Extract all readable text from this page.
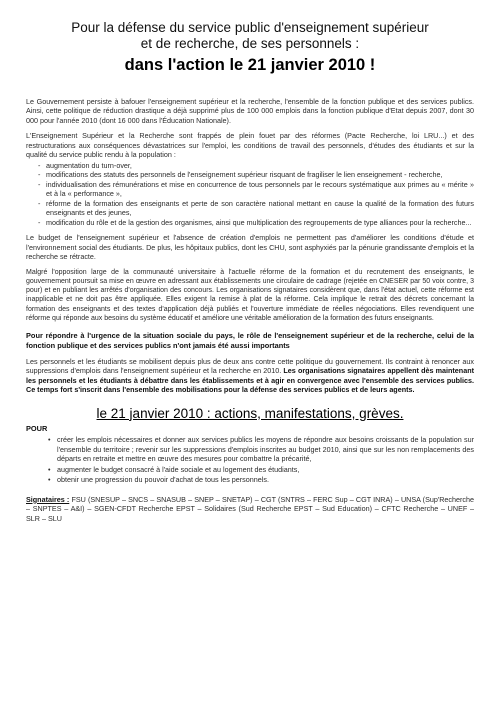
Pour la défense du service public d'enseignement supérieur
et de recherche, de ses personnels :
dans l'action le 21 janvier 2010 !

Le Gouvernement persiste à bafouer l'enseignement supérieur et la recherche, l'ensemble de la fonction publique et des services publics. Ainsi, cette politique de réduction drastique a déjà supprimé plus de 100 000 emplois dans la fonction publique d'Etat depuis 2007, dont 30 000 pour l'année 2010 (dont 16 000 dans l'Éducation Nationale).

L'Enseignement Supérieur et la Recherche sont frappés de plein fouet par des réformes (Pacte Recherche, loi LRU...) et des restructurations aux conséquences dévastatrices sur l'emploi, les conditions de travail des personnels, d'études des étudiants et sur la qualité du service public rendu à la population :

- augmentation du turn-over,
- modifications des statuts des personnels de l'enseignement supérieur risquant de fragiliser le lien enseignement - recherche,
- individualisation des rémunérations et mise en concurrence de tous personnels par le recours systématique aux primes au « mérite » et à la « performance »,
- réforme de la formation des enseignants et perte de son caractère national mettant en cause la qualité de la formation des futurs enseignants et des jeunes,
- modification du rôle et de la gestion des organismes, ainsi que multiplication des regroupements de type alliances pour la recherche...

Le budget de l'enseignement supérieur et l'absence de création d'emplois ne permettent pas d'améliorer les conditions d'étude et l'environnement social des étudiants. De plus, les hôpitaux publics, dont les CHU, sont asphyxiés par la pénurie grandissante d'emplois et la recherche se rétracte.

Malgré l'opposition large de la communauté universitaire à l'actuelle réforme de la formation et du recrutement des enseignants, le gouvernement poursuit sa mise en œuvre en adressant aux établissements une circulaire de cadrage (rejetée en CNESER par 50 voix contre, 3 pour) et en publiant les arrêtés d'organisation des concours. Les organisations signataires considèrent que, dans l'état actuel, cette réforme est inapplicable et ne doit pas être appliquée. Elles exigent la remise à plat de la réforme. Cela implique le retrait des décrets concernant la formation des enseignants et des textes d'application déjà publiés et l'ouverture immédiate de réelles négociations. Elles revendiquent une réforme qui réponde aux besoins du système éducatif et améliore une véritable amélioration de la formation des futurs enseignants.

Pour répondre à l'urgence de la situation sociale du pays, le rôle de l'enseignement supérieur et de la recherche, celui de la fonction publique et des services publics n'ont jamais été aussi importants

Les personnels et les étudiants se mobilisent depuis plus de deux ans contre cette politique du gouvernement. Ils contraint à renoncer aux suppressions d'emplois dans l'enseignement supérieur et la recherche en 2010. Les organisations signataires appellent dès maintenant les personnels et les étudiants à débattre dans les établissements et à agir en convergence avec l'ensemble des services publics. Ce temps fort s'inscrit dans l'ensemble des mobilisations pour la défense des services publics et de leurs agents.

le 21 janvier 2010 : actions, manifestations, grèves.
POUR
• créer les emplois nécessaires et donner aux services publics les moyens de répondre aux besoins croissants de la population sur l'ensemble du territoire ; revenir sur les suppressions d'emplois inscrites au budget 2010, ainsi que sur les non remplacements des départs en retraite et mettre en œuvre des mesures pour combattre la précarité,
• augmenter le budget consacré à l'aide sociale et au logement des étudiants,
• obtenir une progression du pouvoir d'achat de tous les personnels.

Signataires : FSU (SNESUP – SNCS – SNASUB – SNEP – SNETAP) – CGT (SNTRS – FERC Sup – CGT INRA) – UNSA (Sup'Recherche – SNPTES – A&I) – SGEN-CFDT Recherche EPST – Solidaires (Sud Recherche EPST – Sud Education) – CFTC Recherche – UNEF – SLR – SLU
